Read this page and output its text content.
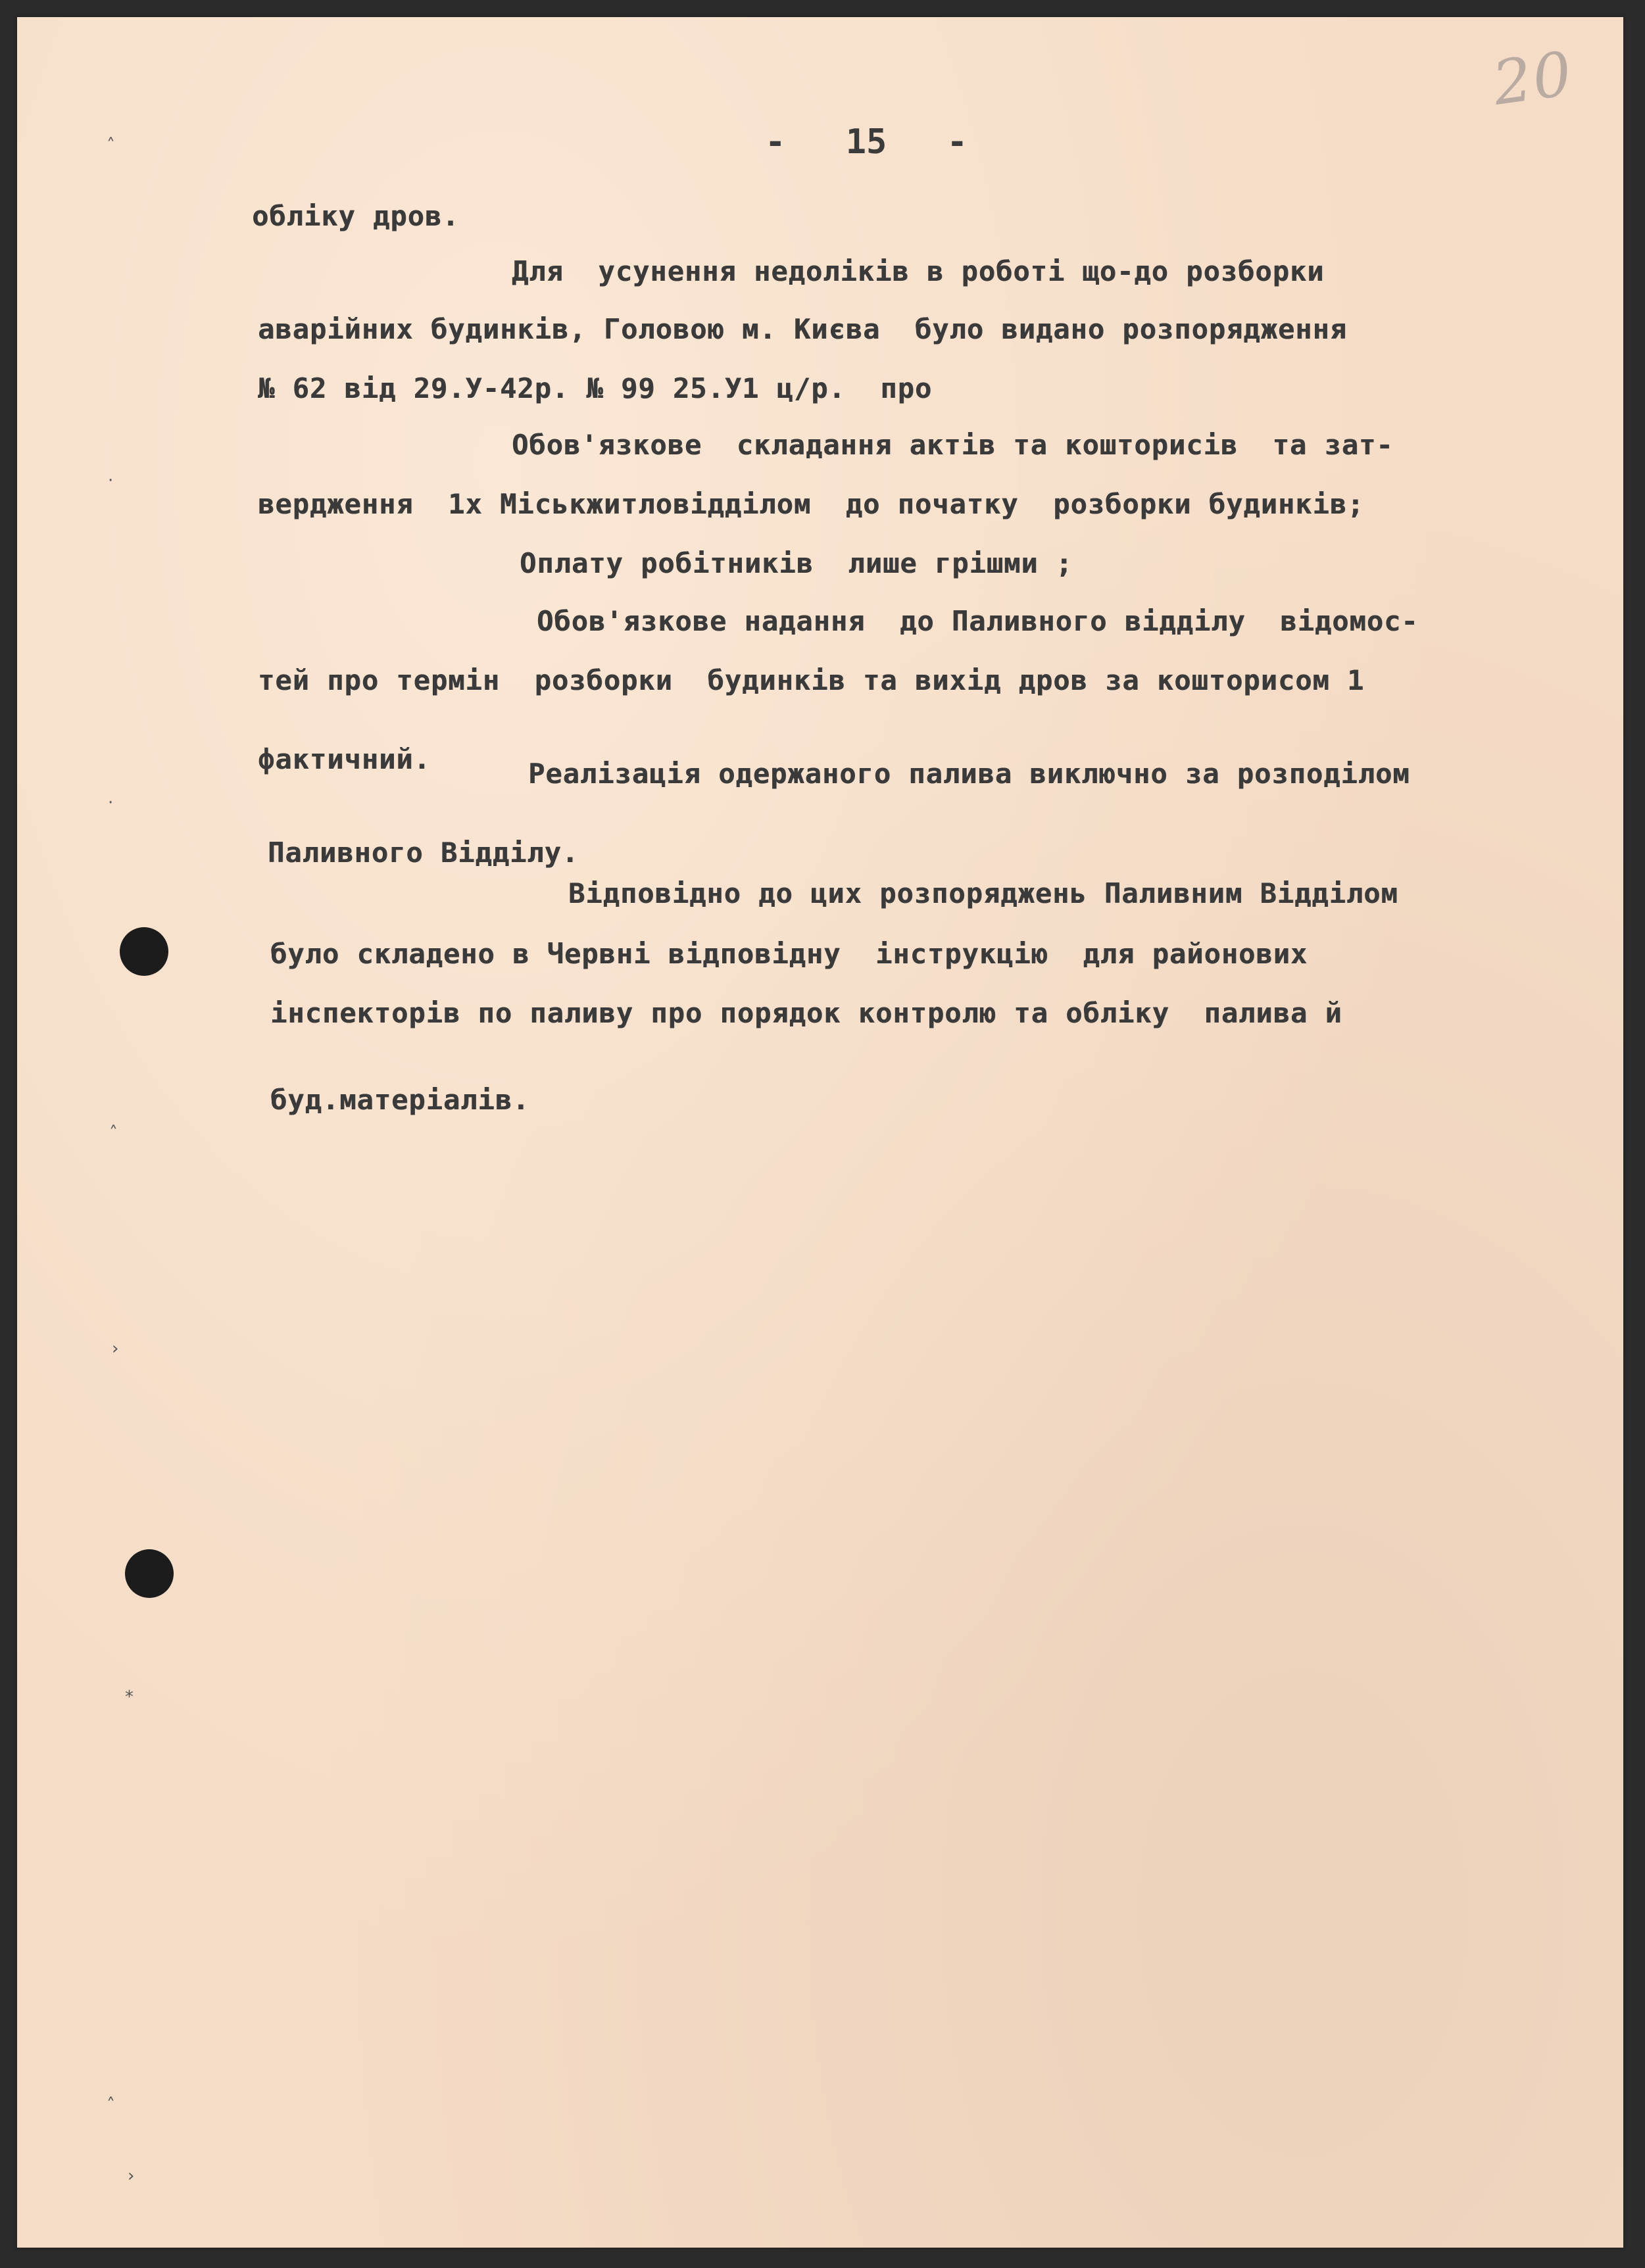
20
- 15 -
обліку дров.
Для  усунення недоліків в роботі що-до розборки
аварійних будинків, Головою м. Києва  було видано розпорядження
№ 62 від 29.У-42р. № 99 25.У1 ц/р.  про
Обов'язкове  складання актів та кошторисів  та зат-
вердження  1х Міськжитловідділом  до початку  розборки будинків;
Оплату робітників  лише грішми ;
Обов'язкове надання  до Паливного відділу  відомос-
тей про термін  розборки  будинків та вихід дров за кошторисом 1
фактичний.	Реалізація одержаного палива виключно за розподілом
Паливного Відділу.
Відповідно до цих розпоряджень Паливним Відділом
було складено в Червні відповідну  інструкцію  для районових
інспекторів по паливу про порядок контролю та обліку  палива й
буд.матеріалів.
˄
·
·
˄
›
*
˄
›
